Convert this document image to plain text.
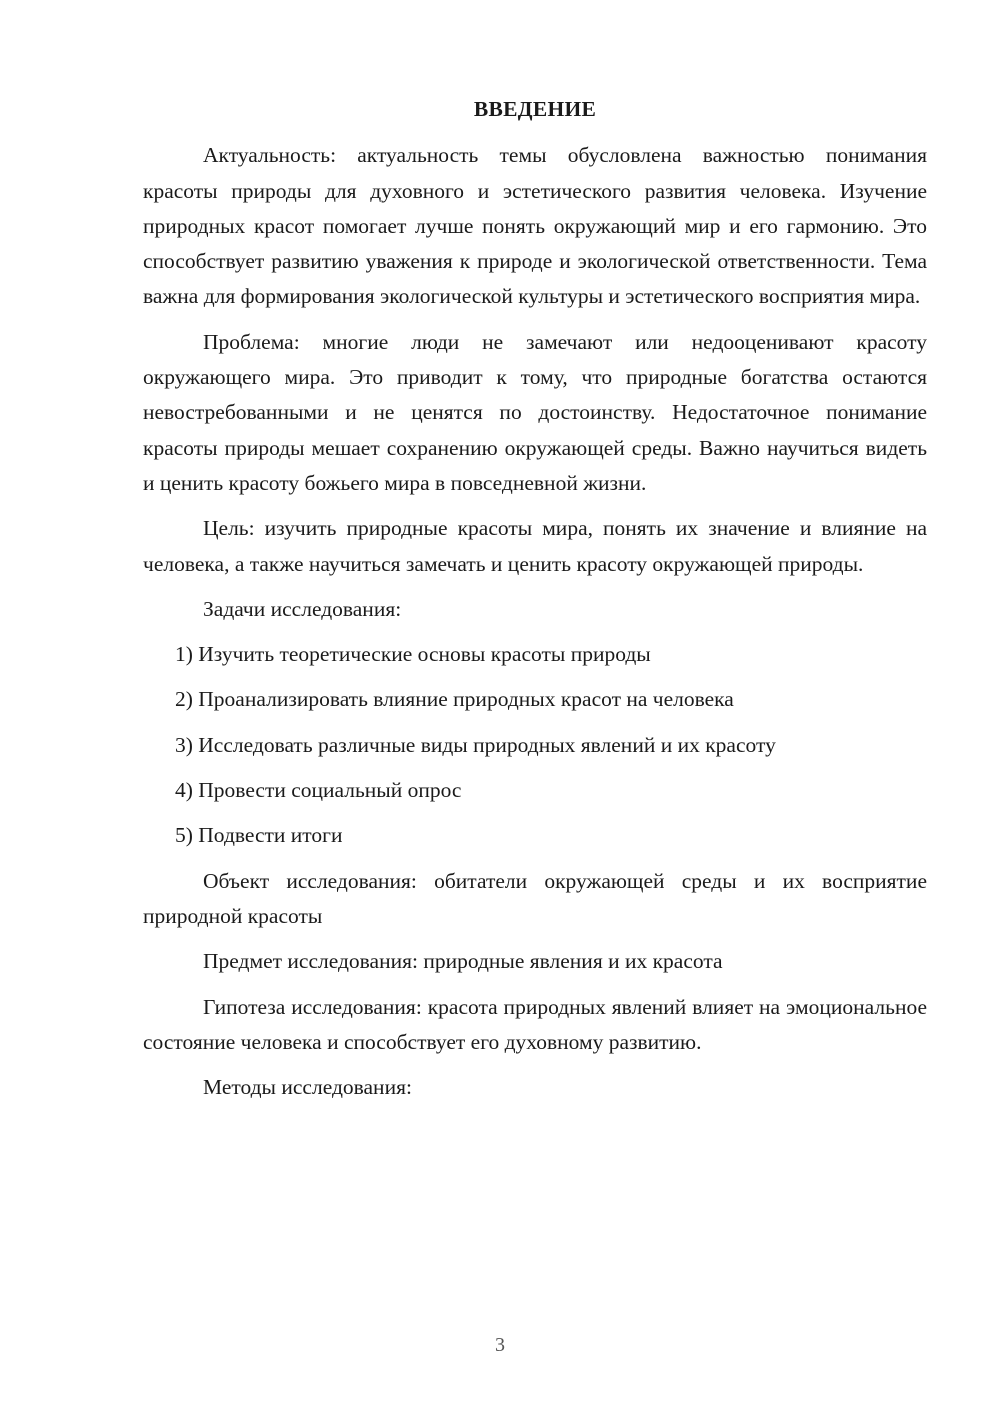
ВВЕДЕНИЕ

Актуальность: актуальность темы обусловлена важностью понимания красоты природы для духовного и эстетического развития человека. Изучение природных красот помогает лучше понять окружающий мир и его гармонию. Это способствует развитию уважения к природе и экологической ответственности. Тема важна для формирования экологической культуры и эстетического восприятия мира.

Проблема: многие люди не замечают или недооценивают красоту окружающего мира. Это приводит к тому, что природные богатства остаются невостребованными и не ценятся по достоинству. Недостаточное понимание красоты природы мешает сохранению окружающей среды. Важно научиться видеть и ценить красоту божьего мира в повседневной жизни.

Цель: изучить природные красоты мира, понять их значение и влияние на человека, а также научиться замечать и ценить красоту окружающей природы.

Задачи исследования:

1) Изучить теоретические основы красоты природы
2) Проанализировать влияние природных красот на человека
3) Исследовать различные виды природных явлений и их красоту
4) Провести социальный опрос
5) Подвести итоги

Объект исследования: обитатели окружающей среды и их восприятие природной красоты

Предмет исследования: природные явления и их красота

Гипотеза исследования: красота природных явлений влияет на эмоциональное состояние человека и способствует его духовному развитию.

Методы исследования:

3
